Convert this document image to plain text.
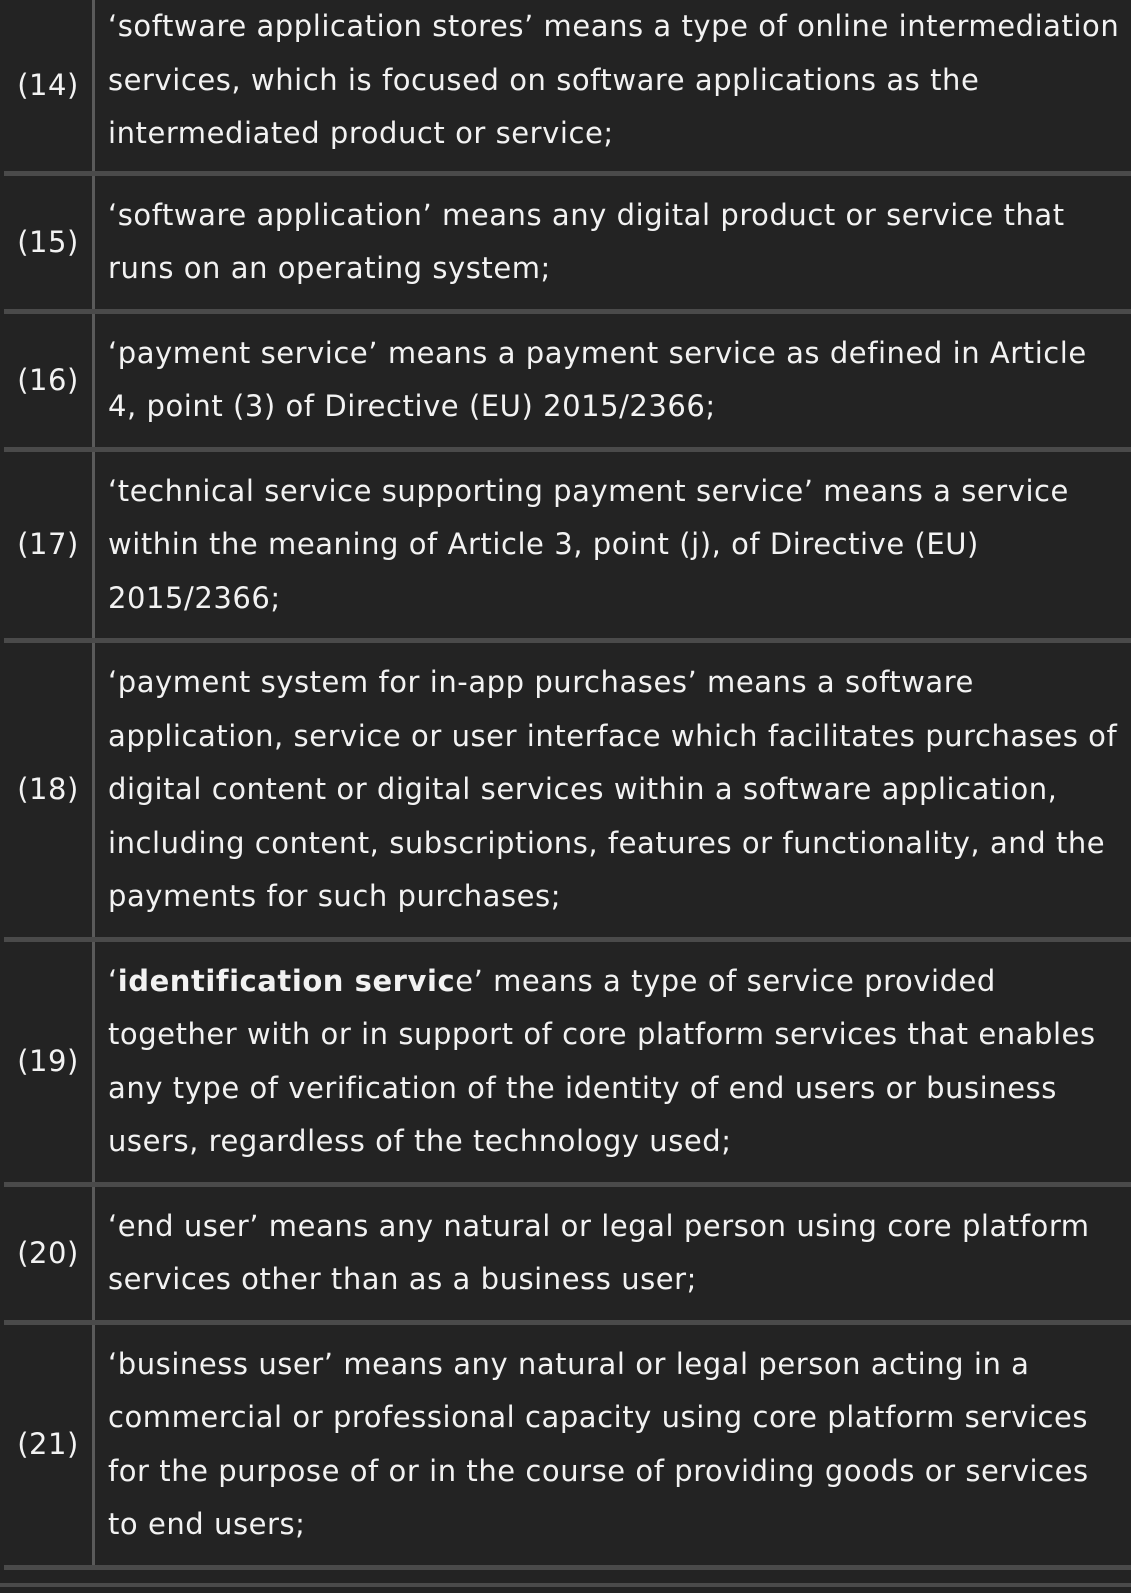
(14)	‘software application stores’ means a type of online intermediation services, which is focused on software applications as the intermediated product or service;

(15)	‘software application’ means any digital product or service that runs on an operating system;

(16)	‘payment service’ means a payment service as defined in Article 4, point (3) of Directive (EU) 2015/2366;

(17)	‘technical service supporting payment service’ means a service within the meaning of Article 3, point (j), of Directive (EU) 2015/2366;

(18)	‘payment system for in-app purchases’ means a software application, service or user interface which facilitates purchases of digital content or digital services within a software application, including content, subscriptions, features or functionality, and the payments for such purchases;

(19)	‘identification service’ means a type of service provided together with or in support of core platform services that enables any type of verification of the identity of end users or business users, regardless of the technology used;

(20)	‘end user’ means any natural or legal person using core platform services other than as a business user;

(21)	‘business user’ means any natural or legal person acting in a commercial or professional capacity using core platform services for the purpose of or in the course of providing goods or services to end users;
